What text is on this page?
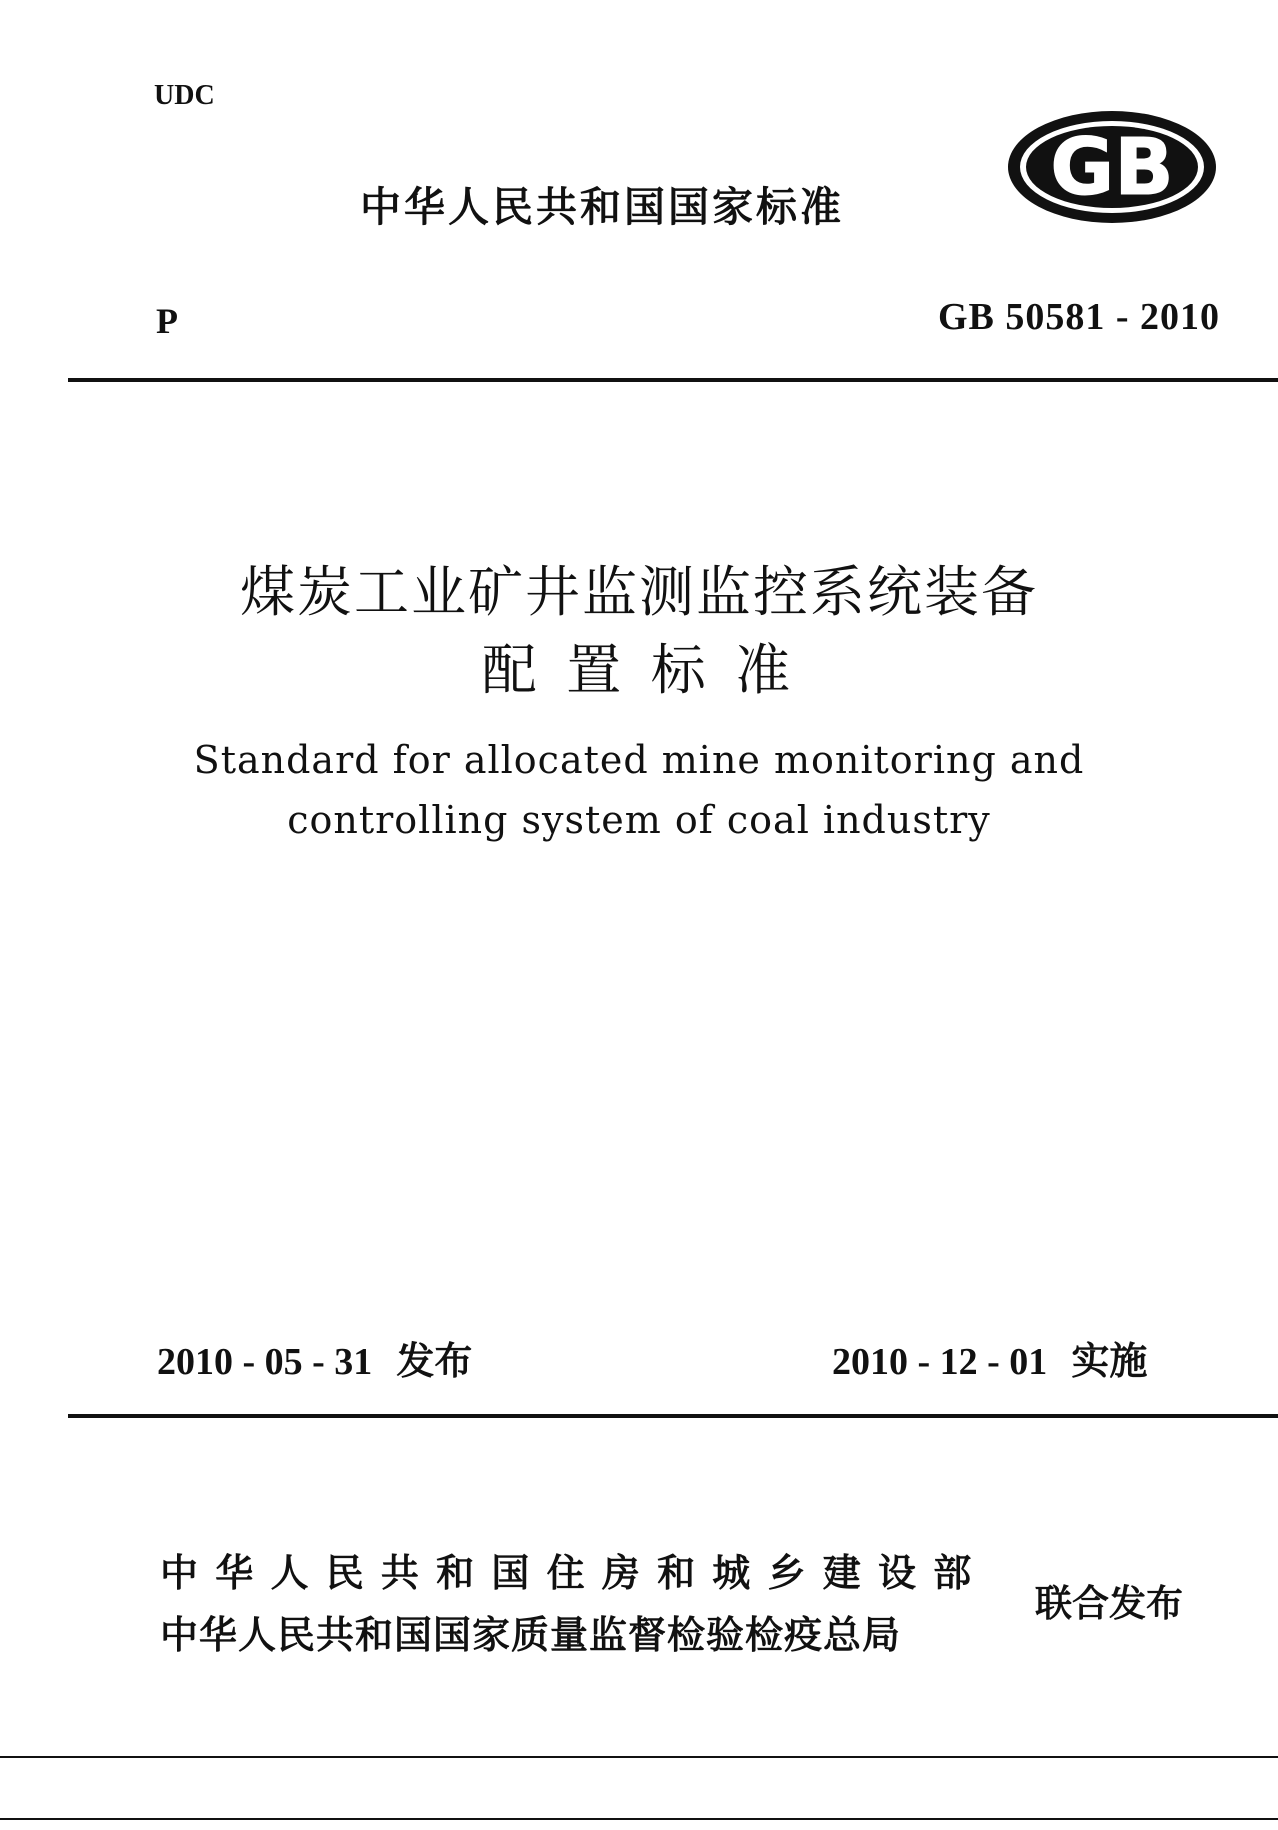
UDC
中华人民共和国国家标准	GB
P	GB 50581 - 2010
煤炭工业矿井监测监控系统装备
配 置 标 准
Standard for allocated mine monitoring and
controlling system of coal industry
2010 - 05 - 31 发布	2010 - 12 - 01 实施
中 华 人 民 共 和 国 住 房 和 城 乡 建 设 部
中华人民共和国国家质量监督检验检疫总局
联合发布
